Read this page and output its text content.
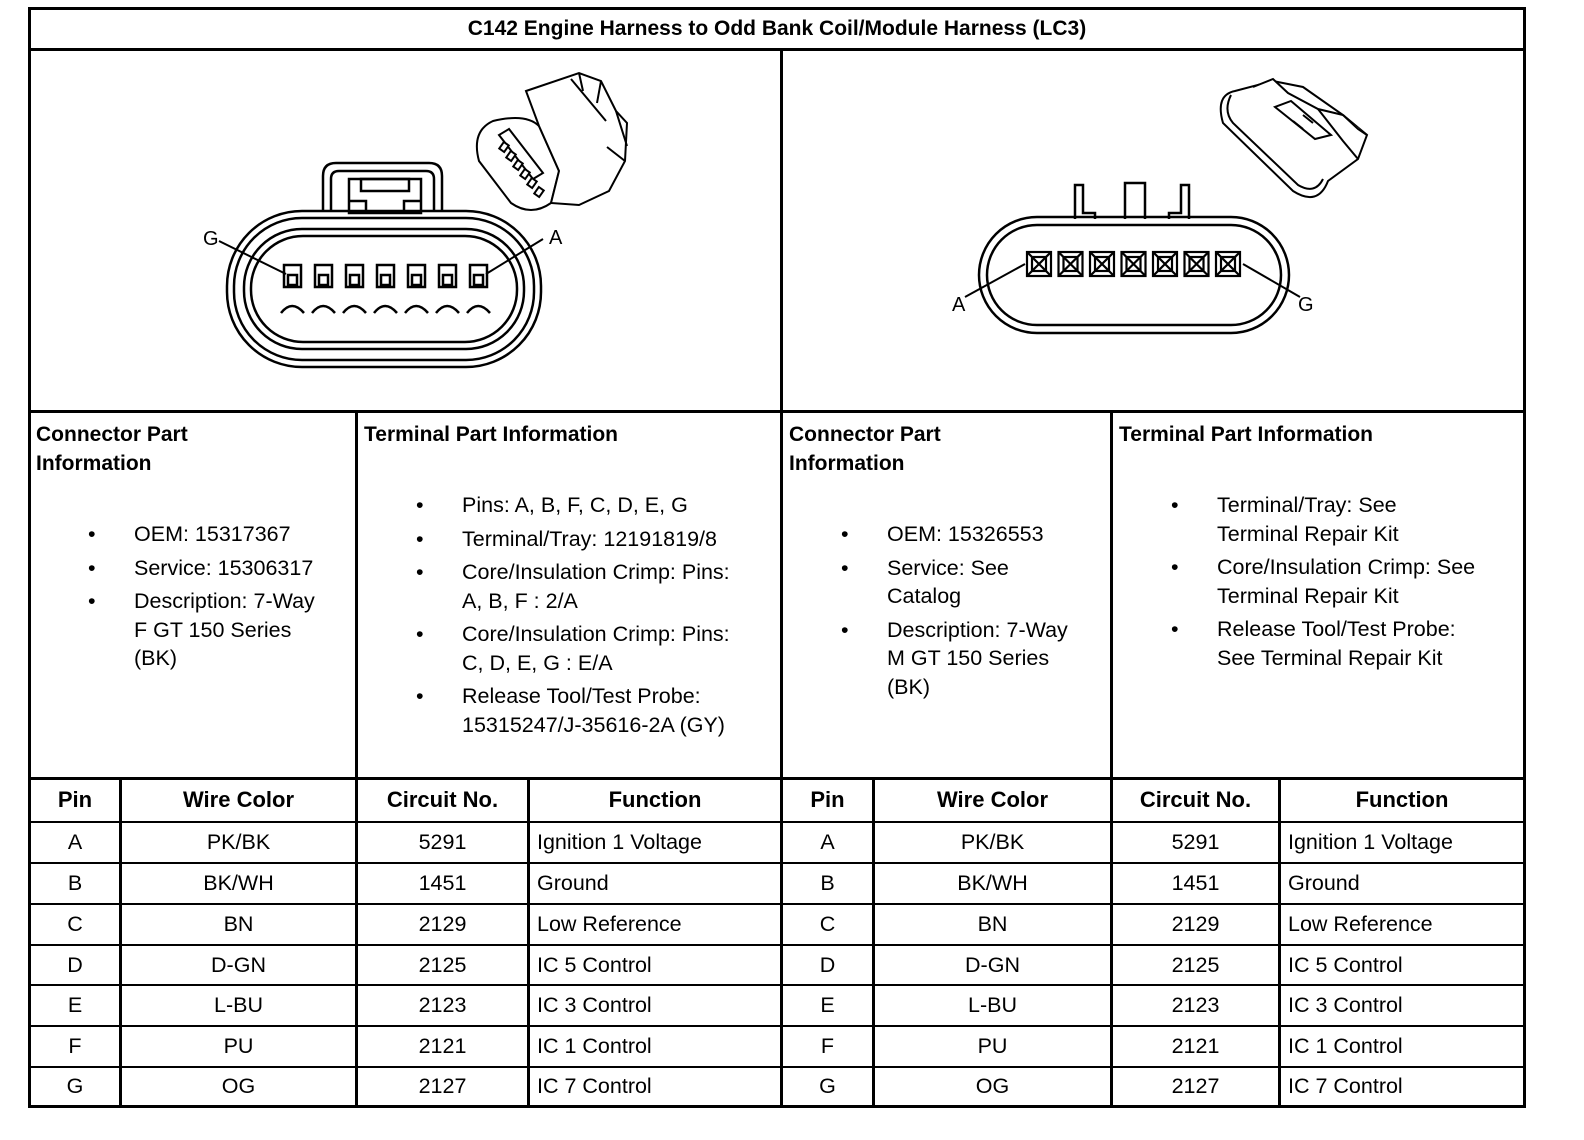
C142 Engine Harness to Odd Bank Coil/Module Harness (LC3)
G	A
A	G
Connector Part
Information
• OEM: 15317367
• Service: 15306317
• Description: 7-Way
F GT 150 Series
(BK)
Terminal Part Information
• Pins: A, B, F, C, D, E, G
• Terminal/Tray: 12191819/8
• Core/Insulation Crimp: Pins:
A, B, F : 2/A
• Core/Insulation Crimp: Pins:
C, D, E, G : E/A
• Release Tool/Test Probe:
15315247/J-35616-2A (GY)
Connector Part
Information
• OEM: 15326553
• Service: See
Catalog
• Description: 7-Way
M GT 150 Series
(BK)
Terminal Part Information
• Terminal/Tray: See
Terminal Repair Kit
• Core/Insulation Crimp: See
Terminal Repair Kit
• Release Tool/Test Probe:
See Terminal Repair Kit
Pin	Wire Color	Circuit No.	Function	Pin	Wire Color	Circuit No.	Function
A	PK/BK	5291	Ignition 1 Voltage	A	PK/BK	5291	Ignition 1 Voltage
B	BK/WH	1451	Ground	B	BK/WH	1451	Ground
C	BN	2129	Low Reference	C	BN	2129	Low Reference
D	D-GN	2125	IC 5 Control	D	D-GN	2125	IC 5 Control
E	L-BU	2123	IC 3 Control	E	L-BU	2123	IC 3 Control
F	PU	2121	IC 1 Control	F	PU	2121	IC 1 Control
G	OG	2127	IC 7 Control	G	OG	2127	IC 7 Control
